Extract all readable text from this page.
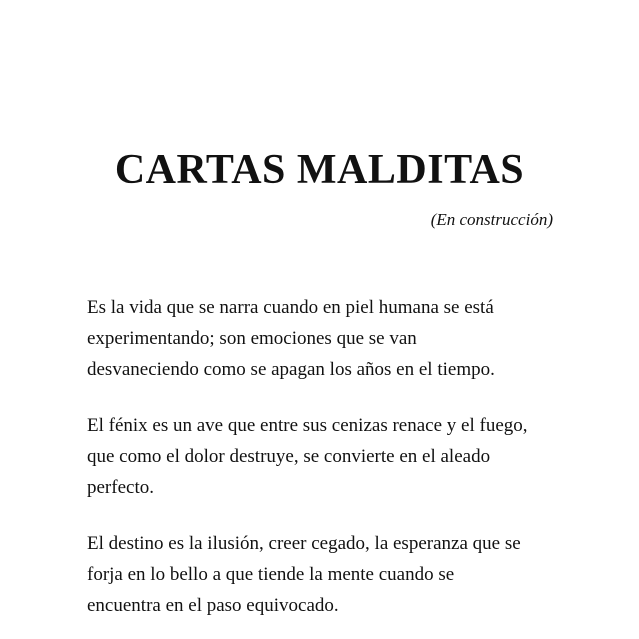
CARTAS MALDITAS

(En construcción)

Es la vida que se narra cuando en piel humana se está
experimentando; son emociones que se van
desvaneciendo como se apagan los años en el tiempo.

El fénix es un ave que entre sus cenizas renace y el fuego,
que como el dolor destruye, se convierte en el aleado
perfecto.

El destino es la ilusión, creer cegado, la esperanza que se
forja en lo bello a que tiende la mente cuando se
encuentra en el paso equivocado.
